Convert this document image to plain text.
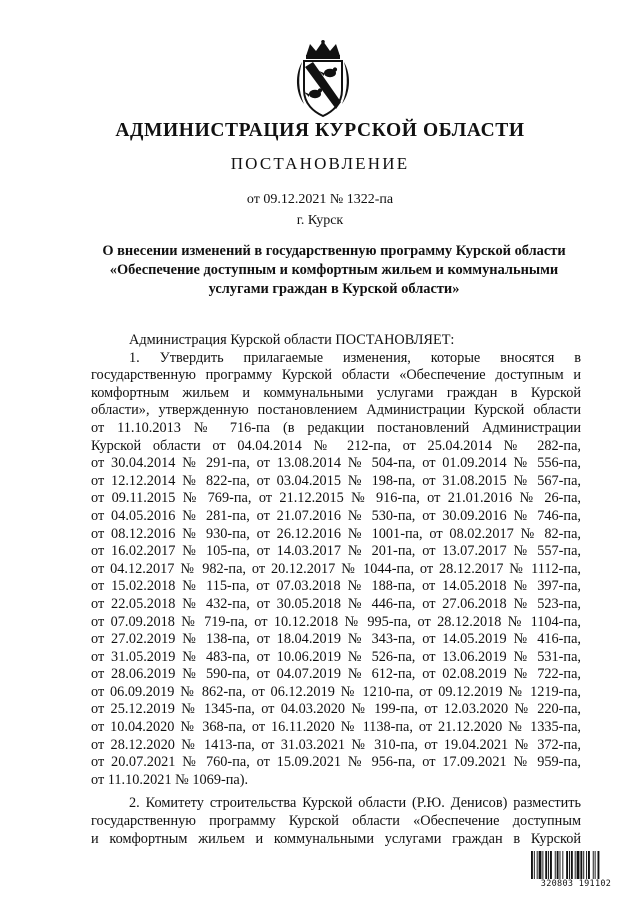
АДМИНИСТРАЦИЯ КУРСКОЙ ОБЛАСТИ
ПОСТАНОВЛЕНИЕ
от 09.12.2021 № 1322-па
г. Курск
О внесении изменений в государственную программу Курской области
«Обеспечение доступным и комфортным жильем и коммунальными
услугами граждан в Курской области»
Администрация Курской области ПОСТАНОВЛЯЕТ:
1. Утвердить прилагаемые изменения, которые вносятся в
государственную программу Курской области «Обеспечение доступным и
комфортным жильем и коммунальными услугами граждан в Курской
области», утвержденную постановлением Администрации Курской области
от 11.10.2013 № 716-па (в редакции постановлений Администрации
Курской области от 04.04.2014 № 212-па, от 25.04.2014 № 282-па,
от 30.04.2014 № 291-па, от 13.08.2014 № 504-па, от 01.09.2014 № 556-па,
от 12.12.2014 № 822-па, от 03.04.2015 № 198-па, от 31.08.2015 № 567-па,
от 09.11.2015 № 769-па, от 21.12.2015 № 916-па, от 21.01.2016 № 26-па,
от 04.05.2016 № 281-па, от 21.07.2016 № 530-па, от 30.09.2016 № 746-па,
от 08.12.2016 № 930-па, от 26.12.2016 № 1001-па, от 08.02.2017 № 82-па,
от 16.02.2017 № 105-па, от 14.03.2017 № 201-па, от 13.07.2017 № 557-па,
от 04.12.2017 № 982-па, от 20.12.2017 № 1044-па, от 28.12.2017 № 1112-па,
от 15.02.2018 № 115-па, от 07.03.2018 № 188-па, от 14.05.2018 № 397-па,
от 22.05.2018 № 432-па, от 30.05.2018 № 446-па, от 27.06.2018 № 523-па,
от 07.09.2018 № 719-па, от 10.12.2018 № 995-па, от 28.12.2018 № 1104-па,
от 27.02.2019 № 138-па, от 18.04.2019 № 343-па, от 14.05.2019 № 416-па,
от 31.05.2019 № 483-па, от 10.06.2019 № 526-па, от 13.06.2019 № 531-па,
от 28.06.2019 № 590-па, от 04.07.2019 № 612-па, от 02.08.2019 № 722-па,
от 06.09.2019 № 862-па, от 06.12.2019 № 1210-па, от 09.12.2019 № 1219-па,
от 25.12.2019 № 1345-па, от 04.03.2020 № 199-па, от 12.03.2020 № 220-па,
от 10.04.2020 № 368-па, от 16.11.2020 № 1138-па, от 21.12.2020 № 1335-па,
от 28.12.2020 № 1413-па, от 31.03.2021 № 310-па, от 19.04.2021 № 372-па,
от 20.07.2021 № 760-па, от 15.09.2021 № 956-па, от 17.09.2021 № 959-па,
от 11.10.2021 № 1069-па).
2. Комитету строительства Курской области (Р.Ю. Денисов) разместить
государственную программу Курской области «Обеспечение доступным
и комфортным жильем и коммунальными услугами граждан в Курской
320803 191102
